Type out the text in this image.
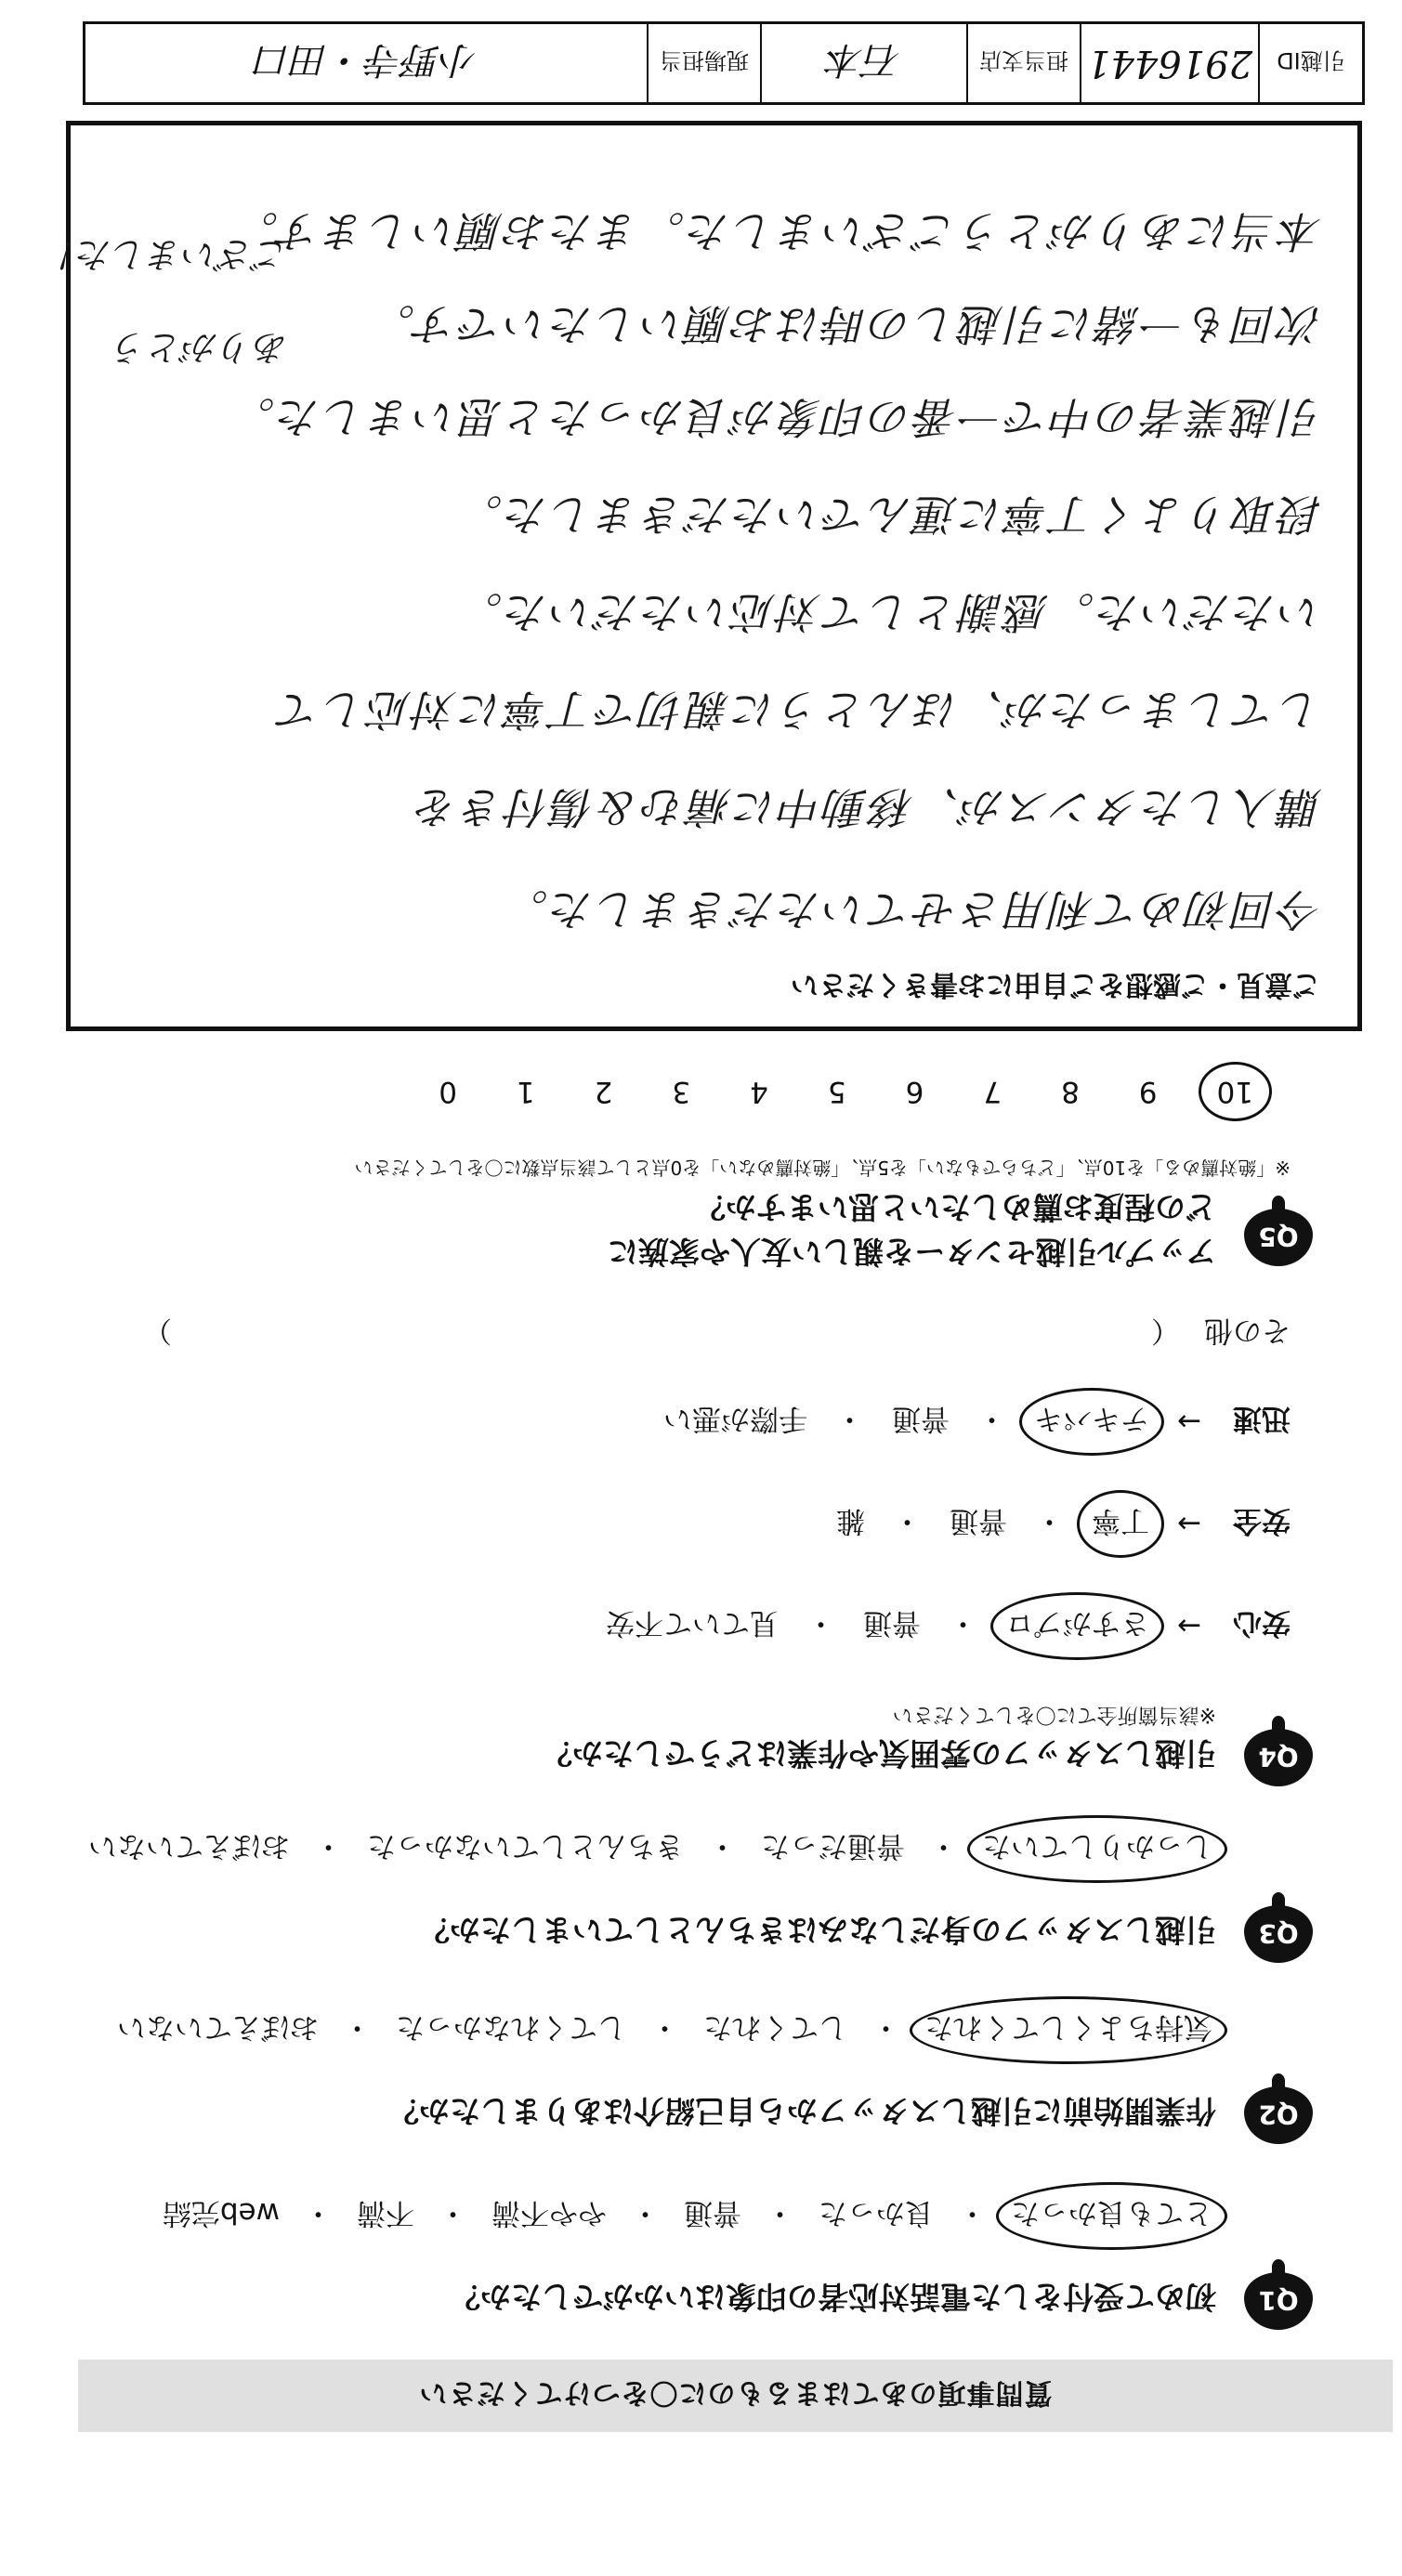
質問事項のあてはまるものに〇をつけてください
Q1
初めて受付をした電話対応者の印象はいかがでしたか？
とても良かった
・
良かった
・
普通
・
やや不満
・
不満
・
web完結
Q2
作業開始前に引越しスタッフから自己紹介はありましたか？
気持ちよくしてくれた
・
してくれた
・
してくれなかった
・
おぼえていない
Q3
引越しスタッフの身だしなみはきちんとしていましたか？
しっかりしていた
・
普通だった
・
きちんとしていなかった
・
おぼえていない
Q4
引越しスタッフの雰囲気や作業はどうでしたか？
※該当箇所全てに〇をしてください
安心
→
さすがプロ
・
普通
・
見ていて不安
安全
→
丁寧
・
普通
・
雑
迅速
→
テキパキ
・
普通
・
手際が悪い
その他
（　　　　　　　　　　　　　　　　　　　　　　　　　　　　　　　　　　）
Q5
アップル引越センターを親しい友人や家族に
どの程度お薦めしたいと思いますか？
※「絶対薦める」を10点、「どちらでもない」を5点、「絶対薦めない」を0点として該当点数に〇をしてください
10
9
8
7
6
5
4
3
2
1
0
ご意見・ご感想をご自由にお書きください
今回初めて利用させていただきました。
購入したタンスが、移動中に痛む＆傷付きを
してしまったが、ほんとうに親切で丁寧に対応して
いただいた。感謝として対応いただいた。
段取りよく丁寧に運んでいただきました。
引越業者の中で一番の印象が良かったと思いました。
次回も一緒に引越しの時はお願いしたいです。
本当にありがとうございました。またお願いします。
ありがとう
ございました！
引越ID
2916441
担当支店
石本
現場担当
小野寺・田口
